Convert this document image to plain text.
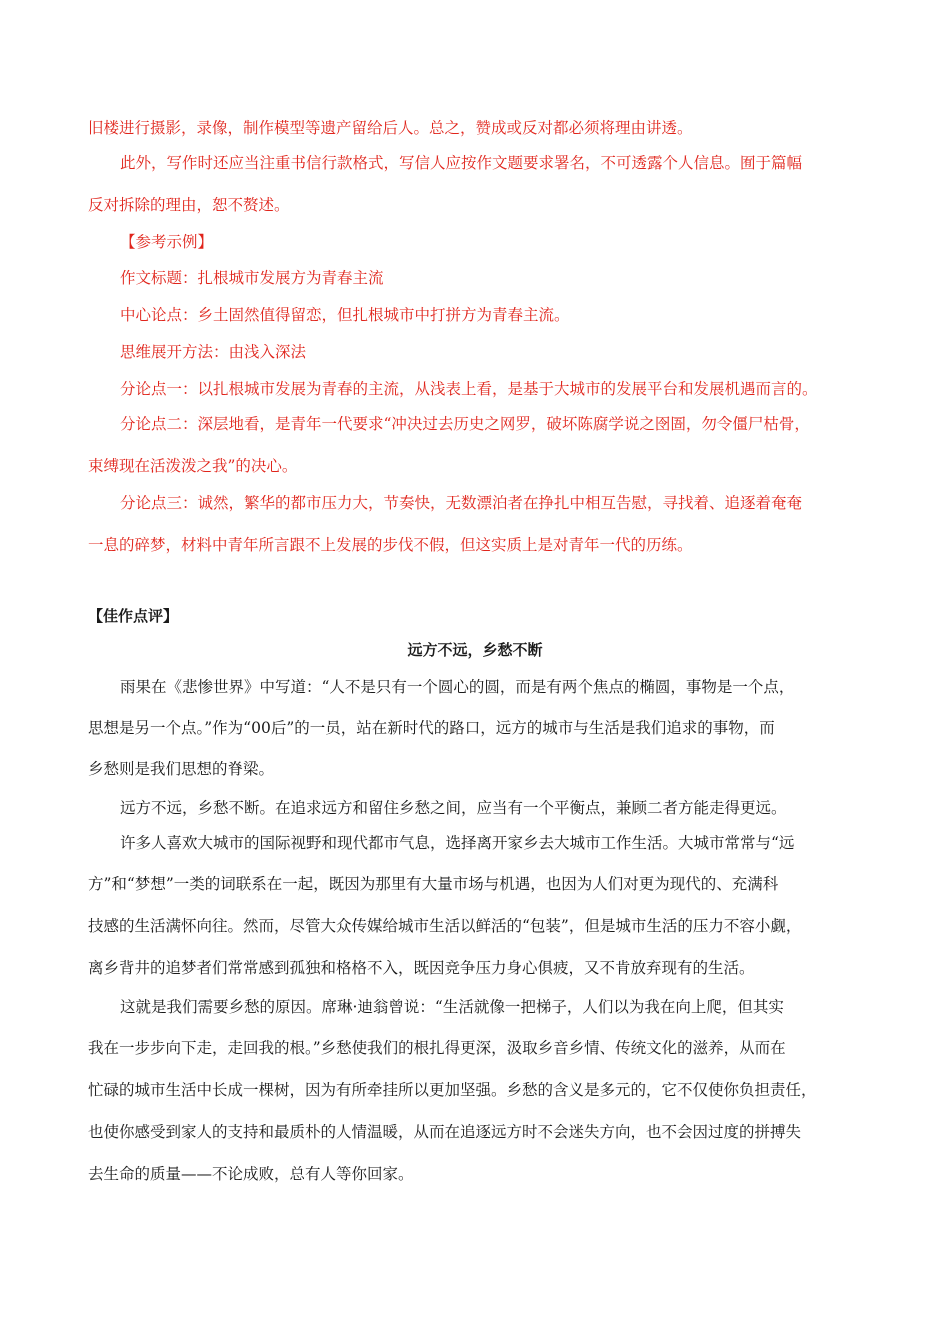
旧楼进行摄影，录像，制作模型等遗产留给后人。总之，赞成或反对都必须将理由讲透。
此外，写作时还应当注重书信行款格式，写信人应按作文题要求署名，不可透露个人信息。囿于篇幅
反对拆除的理由，恕不赘述。
【参考示例】
作文标题：扎根城市发展方为青春主流
中心论点：乡土固然值得留恋，但扎根城市中打拼方为青春主流。
思维展开方法：由浅入深法
分论点一：以扎根城市发展为青春的主流，从浅表上看，是基于大城市的发展平台和发展机遇而言的。
分论点二：深层地看，是青年一代要求“冲决过去历史之网罗，破坏陈腐学说之囹圄，勿令僵尸枯骨，
束缚现在活泼泼之我”的决心。
分论点三：诚然，繁华的都市压力大，节奏快，无数漂泊者在挣扎中相互告慰，寻找着、追逐着奄奄
一息的碎梦，材料中青年所言跟不上发展的步伐不假，但这实质上是对青年一代的历练。
【佳作点评】
远方不远，乡愁不断
雨果在《悲惨世界》中写道：“人不是只有一个圆心的圆，而是有两个焦点的椭圆，事物是一个点，
思想是另一个点。”作为“00后”的一员，站在新时代的路口，远方的城市与生活是我们追求的事物，而
乡愁则是我们思想的脊梁。
远方不远，乡愁不断。在追求远方和留住乡愁之间，应当有一个平衡点，兼顾二者方能走得更远。
许多人喜欢大城市的国际视野和现代都市气息，选择离开家乡去大城市工作生活。大城市常常与“远
方”和“梦想”一类的词联系在一起，既因为那里有大量市场与机遇，也因为人们对更为现代的、充满科
技感的生活满怀向往。然而，尽管大众传媒给城市生活以鲜活的“包装”，但是城市生活的压力不容小觑，
离乡背井的追梦者们常常感到孤独和格格不入，既因竞争压力身心俱疲，又不肯放弃现有的生活。
这就是我们需要乡愁的原因。席琳·迪翁曾说：“生活就像一把梯子，人们以为我在向上爬，但其实
我在一步步向下走，走回我的根。”乡愁使我们的根扎得更深，汲取乡音乡情、传统文化的滋养，从而在
忙碌的城市生活中长成一棵树，因为有所牵挂所以更加坚强。乡愁的含义是多元的，它不仅使你负担责任，
也使你感受到家人的支持和最质朴的人情温暖，从而在追逐远方时不会迷失方向，也不会因过度的拼搏失
去生命的质量——不论成败，总有人等你回家。
